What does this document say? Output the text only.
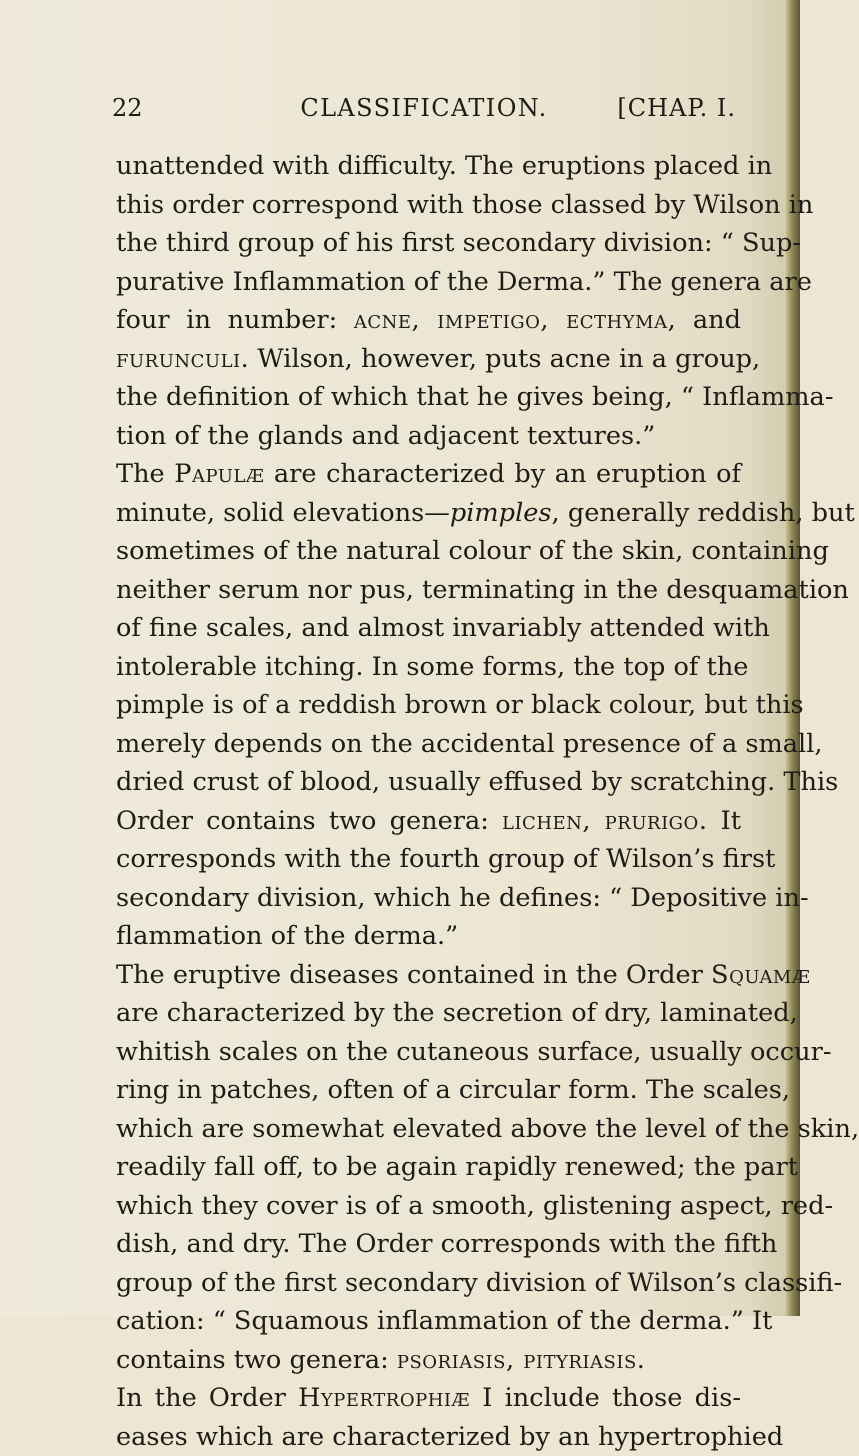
22	CLASSIFICATION.	[CHAP. I.
unattended with difficulty. The eruptions placed in
this order correspond with those classed by Wilson in
the third group of his first secondary division: “ Sup-
purative Inflammation of the Derma.” The genera are
four in number: acne, impetigo, ecthyma, and
furunculi. Wilson, however, puts acne in a group,
the definition of which that he gives being, “ Inflamma-
tion of the glands and adjacent textures.”
The Papulæ are characterized by an eruption of
minute, solid elevations—pimples, generally reddish, but
sometimes of the natural colour of the skin, containing
neither serum nor pus, terminating in the desquamation
of fine scales, and almost invariably attended with
intolerable itching. In some forms, the top of the
pimple is of a reddish brown or black colour, but this
merely depends on the accidental presence of a small,
dried crust of blood, usually effused by scratching. This
Order contains two genera: lichen, prurigo. It
corresponds with the fourth group of Wilson’s first
secondary division, which he defines: “ Depositive in-
flammation of the derma.”
The eruptive diseases contained in the Order Squamæ
are characterized by the secretion of dry, laminated,
whitish scales on the cutaneous surface, usually occur-
ring in patches, often of a circular form. The scales,
which are somewhat elevated above the level of the skin,
readily fall off, to be again rapidly renewed; the part
which they cover is of a smooth, glistening aspect, red-
dish, and dry. The Order corresponds with the fifth
group of the first secondary division of Wilson’s classifi-
cation: “ Squamous inflammation of the derma.” It
contains two genera: psoriasis, pityriasis.
In the Order Hypertrophiæ I include those dis-
eases which are characterized by an hypertrophied
